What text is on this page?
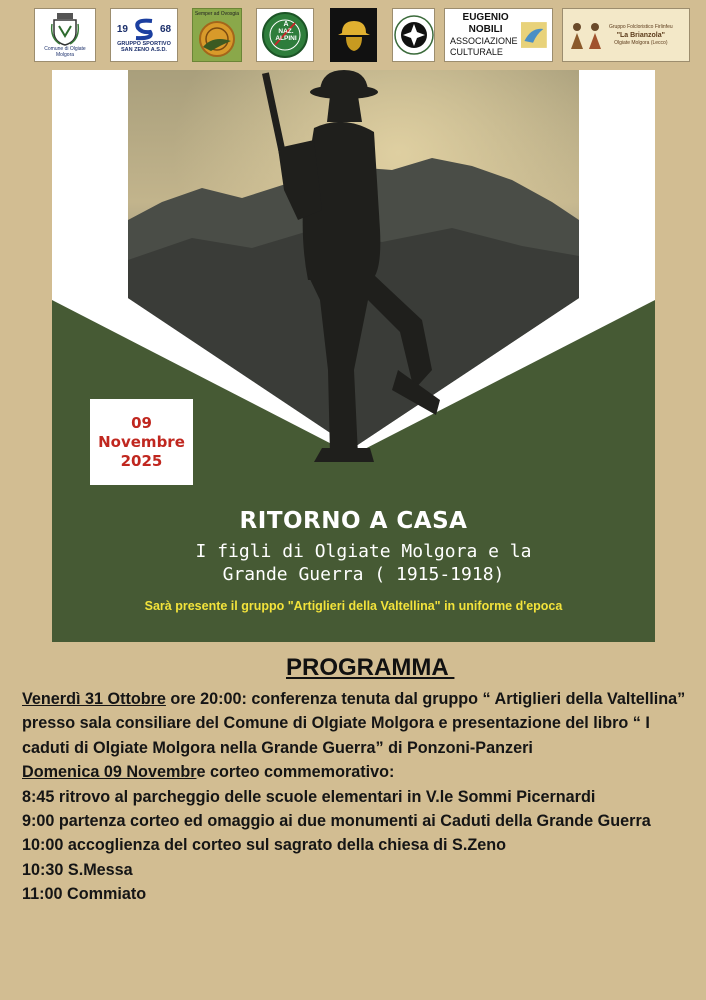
Comune di Olgiate Molgora
19	68
GRUPPO SPORTIVO
SAN ZENO A.S.D.
Semper ad Ovosgia
A
NAZ.
ALPINI
EUGENIO NOBILI
ASSOCIAZIONE
CULTURALE
Gruppo Folcloristico Firlinfeu
"La Brianzola"
Olgiate Molgora (Lecco)
09
Novembre
2025
RITORNO A CASA
I figli di Olgiate Molgora e la
Grande Guerra ( 1915-1918)
Sarà presente il gruppo "Artiglieri della Valtellina" in uniforme d'epoca
PROGRAMMA

Venerdì 31 Ottobre ore 20:00: conferenza tenuta dal gruppo “ Artiglieri della Valtellina” presso sala consiliare del Comune di Olgiate Molgora e presentazione del libro “ I caduti di Olgiate Molgora nella Grande Guerra” di Ponzoni-Panzeri

Domenica 09 Novembre corteo commemorativo:

8:45 ritrovo al parcheggio delle scuole elementari in V.le Sommi Picernardi

9:00 partenza corteo ed omaggio ai due monumenti ai Caduti della Grande Guerra

10:00 accoglienza del corteo sul sagrato della chiesa di S.Zeno

10:30 S.Messa

11:00 Commiato
